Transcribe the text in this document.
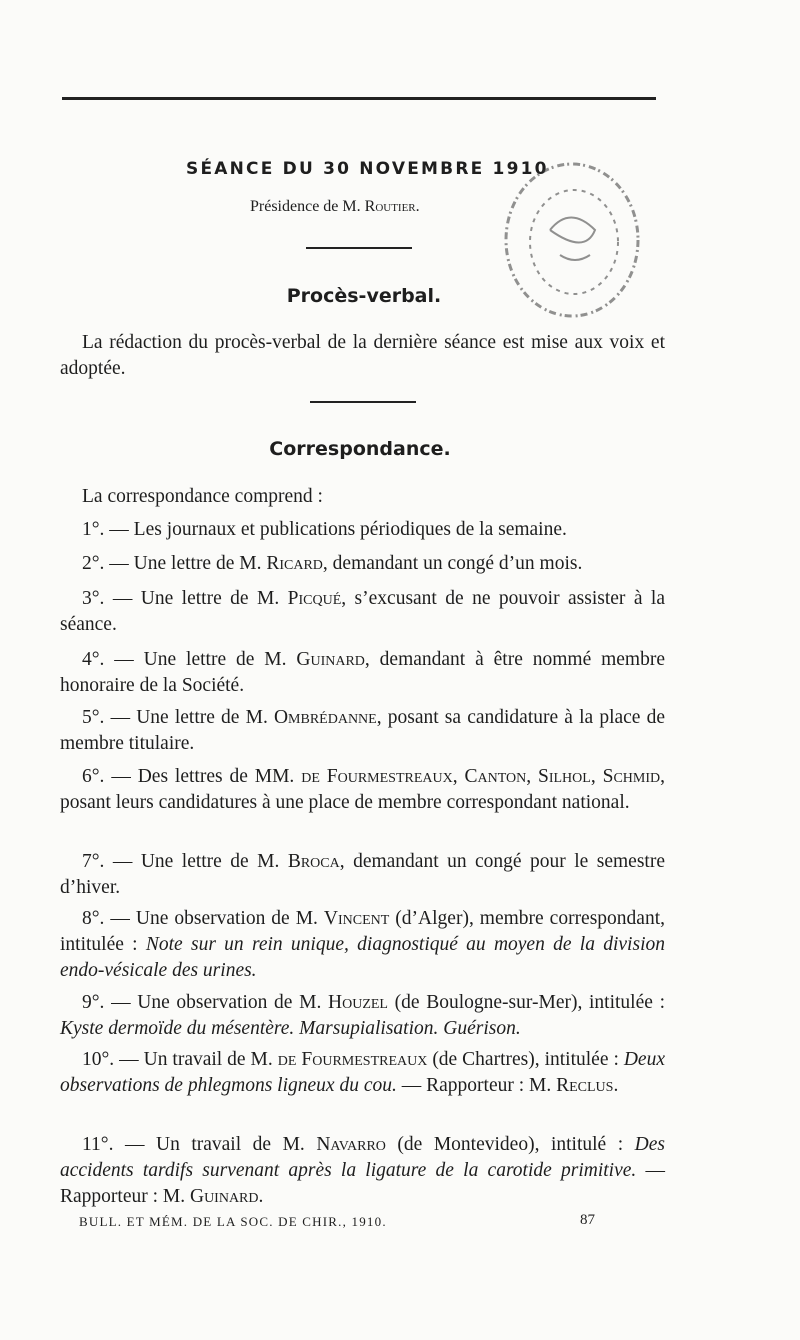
SÉANCE DU 30 NOVEMBRE 1910
Présidence de M. Routier.
Procès-verbal.
La rédaction du procès-verbal de la dernière séance est mise aux voix et adoptée.
Correspondance.
La correspondance comprend :
1°. — Les journaux et publications périodiques de la semaine.
2°. — Une lettre de M. Ricard, demandant un congé d’un mois.
3°. — Une lettre de M. Picqué, s’excusant de ne pouvoir assister à la séance.
4°. — Une lettre de M. Guinard, demandant à être nommé membre honoraire de la Société.
5°. — Une lettre de M. Ombrédanne, posant sa candidature à la place de membre titulaire.
6°. — Des lettres de MM. de Fourmestreaux, Canton, Silhol, Schmid, posant leurs candidatures à une place de membre correspondant national.
7°. — Une lettre de M. Broca, demandant un congé pour le semestre d’hiver.
8°. — Une observation de M. Vincent (d’Alger), membre correspondant, intitulée : Note sur un rein unique, diagnostiqué au moyen de la division endo-vésicale des urines.
9°. — Une observation de M. Houzel (de Boulogne-sur-Mer), intitulée : Kyste dermoïde du mésentère. Marsupialisation. Guérison.
10°. — Un travail de M. de Fourmestreaux (de Chartres), intitulée : Deux observations de phlegmons ligneux du cou. — Rapporteur : M. Reclus.
11°. — Un travail de M. Navarro (de Montevideo), intitulé : Des accidents tardifs survenant après la ligature de la carotide primitive. — Rapporteur : M. Guinard.
BULL. ET MÉM. DE LA SOC. DE CHIR., 1910.	87
